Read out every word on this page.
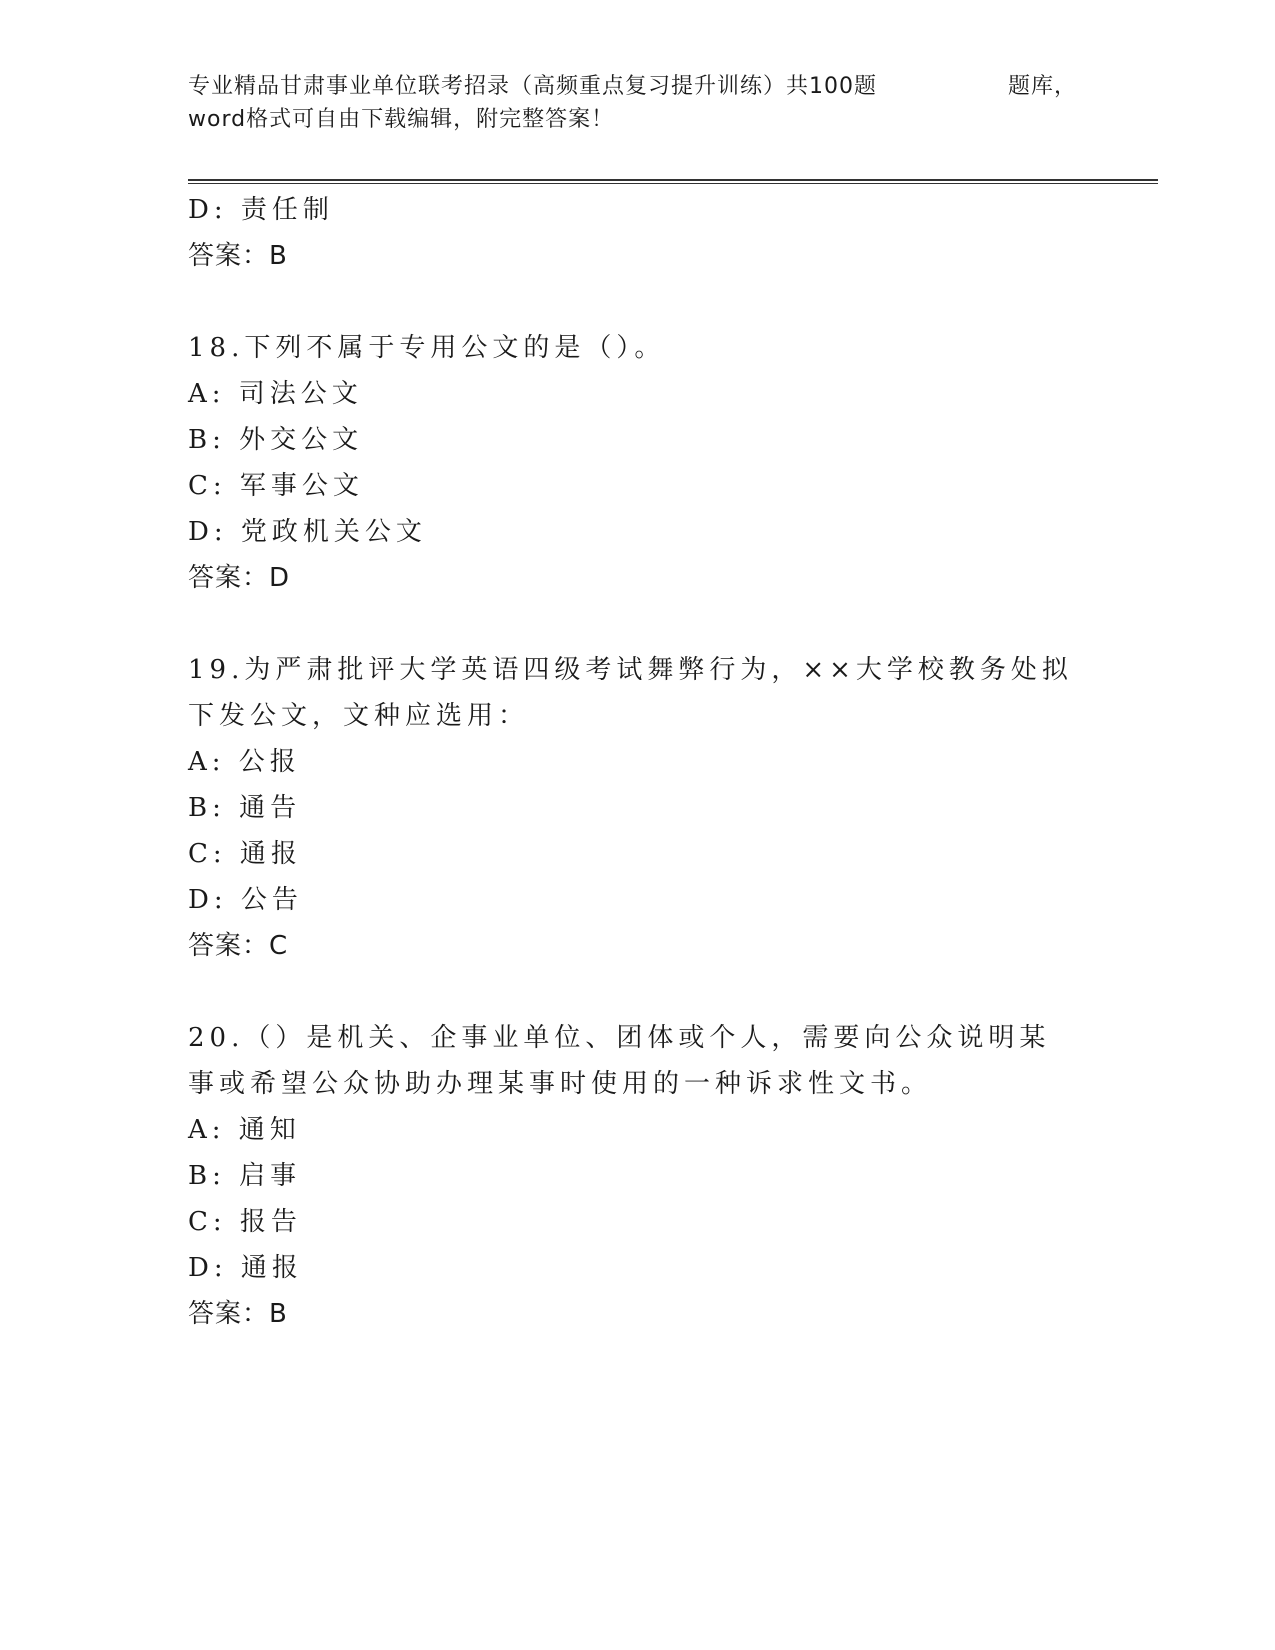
专业精品甘肃事业单位联考招录（高频重点复习提升训练）共100题	题库，
word格式可自由下载编辑，附完整答案！
D: 责任制
答案：B
18.下列不属于专用公文的是（）。
A: 司法公文
B: 外交公文
C: 军事公文
D: 党政机关公文
答案：D
19.为严肃批评大学英语四级考试舞弊行为，××大学校教务处拟下发公文，文种应选用：
A: 公报
B: 通告
C: 通报
D: 公告
答案：C
20.（）是机关、企事业单位、团体或个人，需要向公众说明某事或希望公众协助办理某事时使用的一种诉求性文书。
A: 通知
B: 启事
C: 报告
D: 通报
答案：B
